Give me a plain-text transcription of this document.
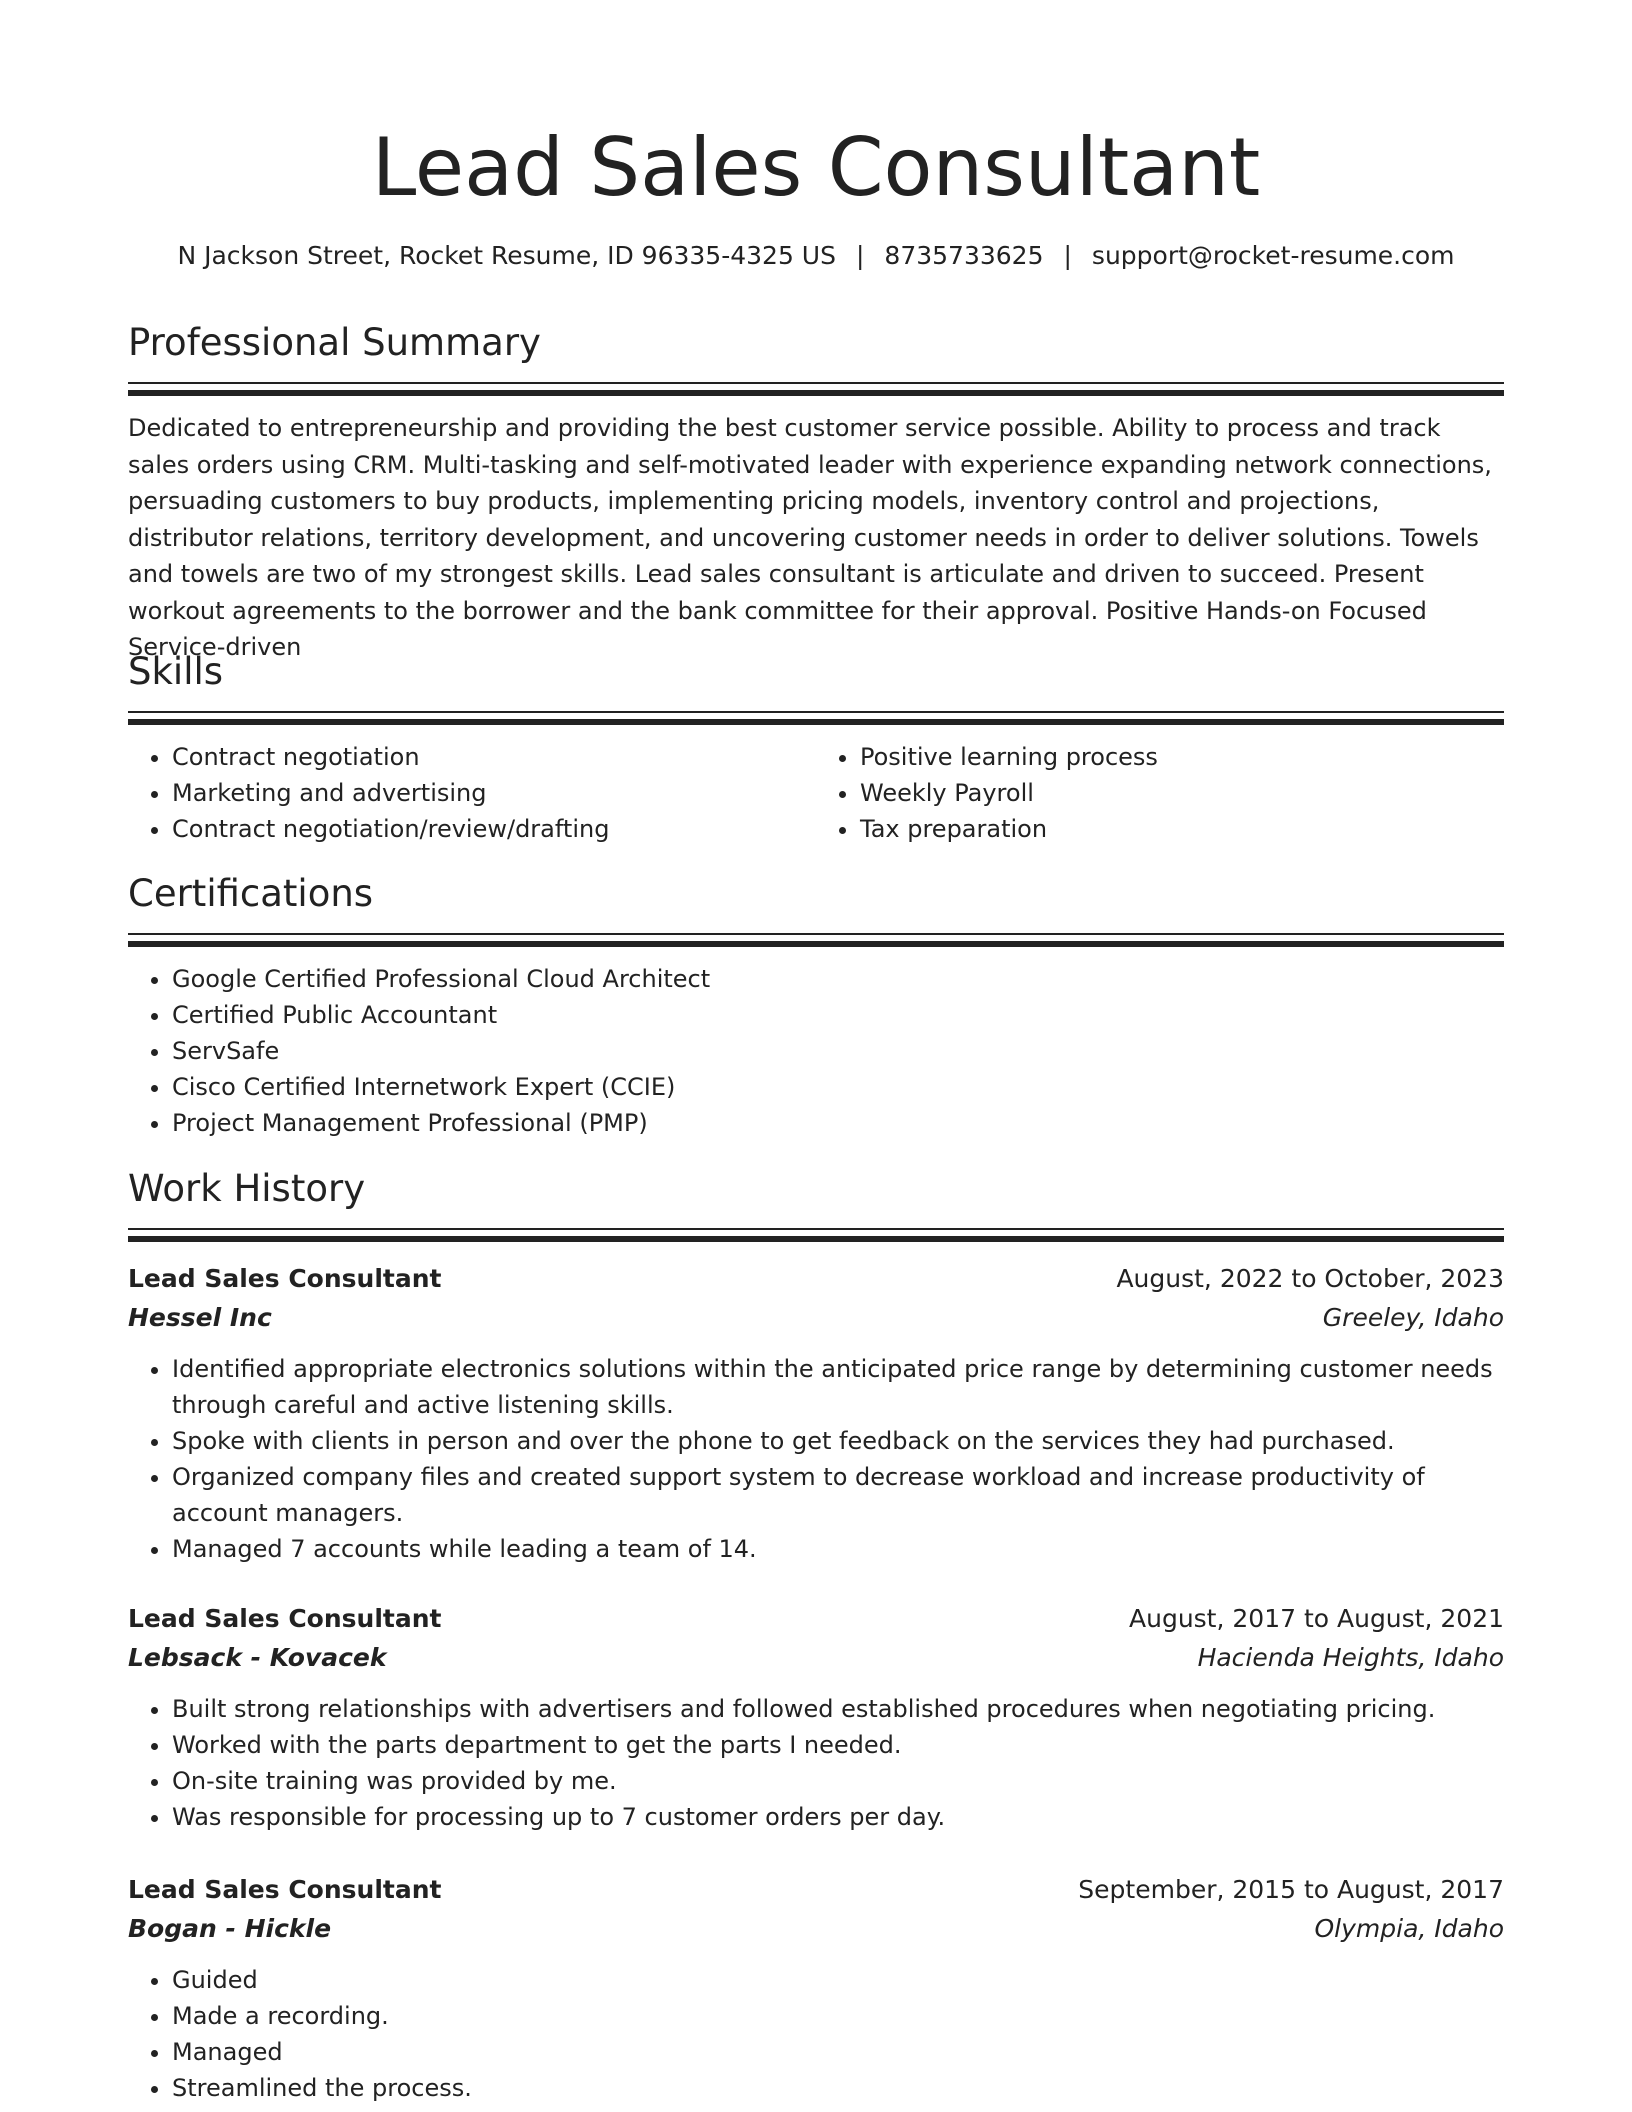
Lead Sales Consultant
N Jackson Street, Rocket Resume, ID 96335-4325 US | 8735733625 | support@rocket-resume.com
Professional Summary
Dedicated to entrepreneurship and providing the best customer service possible. Ability to process and track sales orders using CRM. Multi-tasking and self-motivated leader with experience expanding network connections, persuading customers to buy products, implementing pricing models, inventory control and projections, distributor relations, territory development, and uncovering customer needs in order to deliver solutions. Towels and towels are two of my strongest skills. Lead sales consultant is articulate and driven to succeed. Present workout agreements to the borrower and the bank committee for their approval. Positive Hands-on Focused Service-driven
Skills
• Contract negotiation
• Marketing and advertising
• Contract negotiation/review/drafting
• Positive learning process
• Weekly Payroll
• Tax preparation
Certifications
• Google Certified Professional Cloud Architect
• Certified Public Accountant
• ServSafe
• Cisco Certified Internetwork Expert (CCIE)
• Project Management Professional (PMP)
Work History
Lead Sales Consultant	August, 2022 to October, 2023
Hessel Inc	Greeley, Idaho
• Identified appropriate electronics solutions within the anticipated price range by determining customer needs through careful and active listening skills.
• Spoke with clients in person and over the phone to get feedback on the services they had purchased.
• Organized company files and created support system to decrease workload and increase productivity of account managers.
• Managed 7 accounts while leading a team of 14.
Lead Sales Consultant	August, 2017 to August, 2021
Lebsack - Kovacek	Hacienda Heights, Idaho
• Built strong relationships with advertisers and followed established procedures when negotiating pricing.
• Worked with the parts department to get the parts I needed.
• On-site training was provided by me.
• Was responsible for processing up to 7 customer orders per day.
Lead Sales Consultant	September, 2015 to August, 2017
Bogan - Hickle	Olympia, Idaho
• Guided
• Made a recording.
• Managed
• Streamlined the process.
